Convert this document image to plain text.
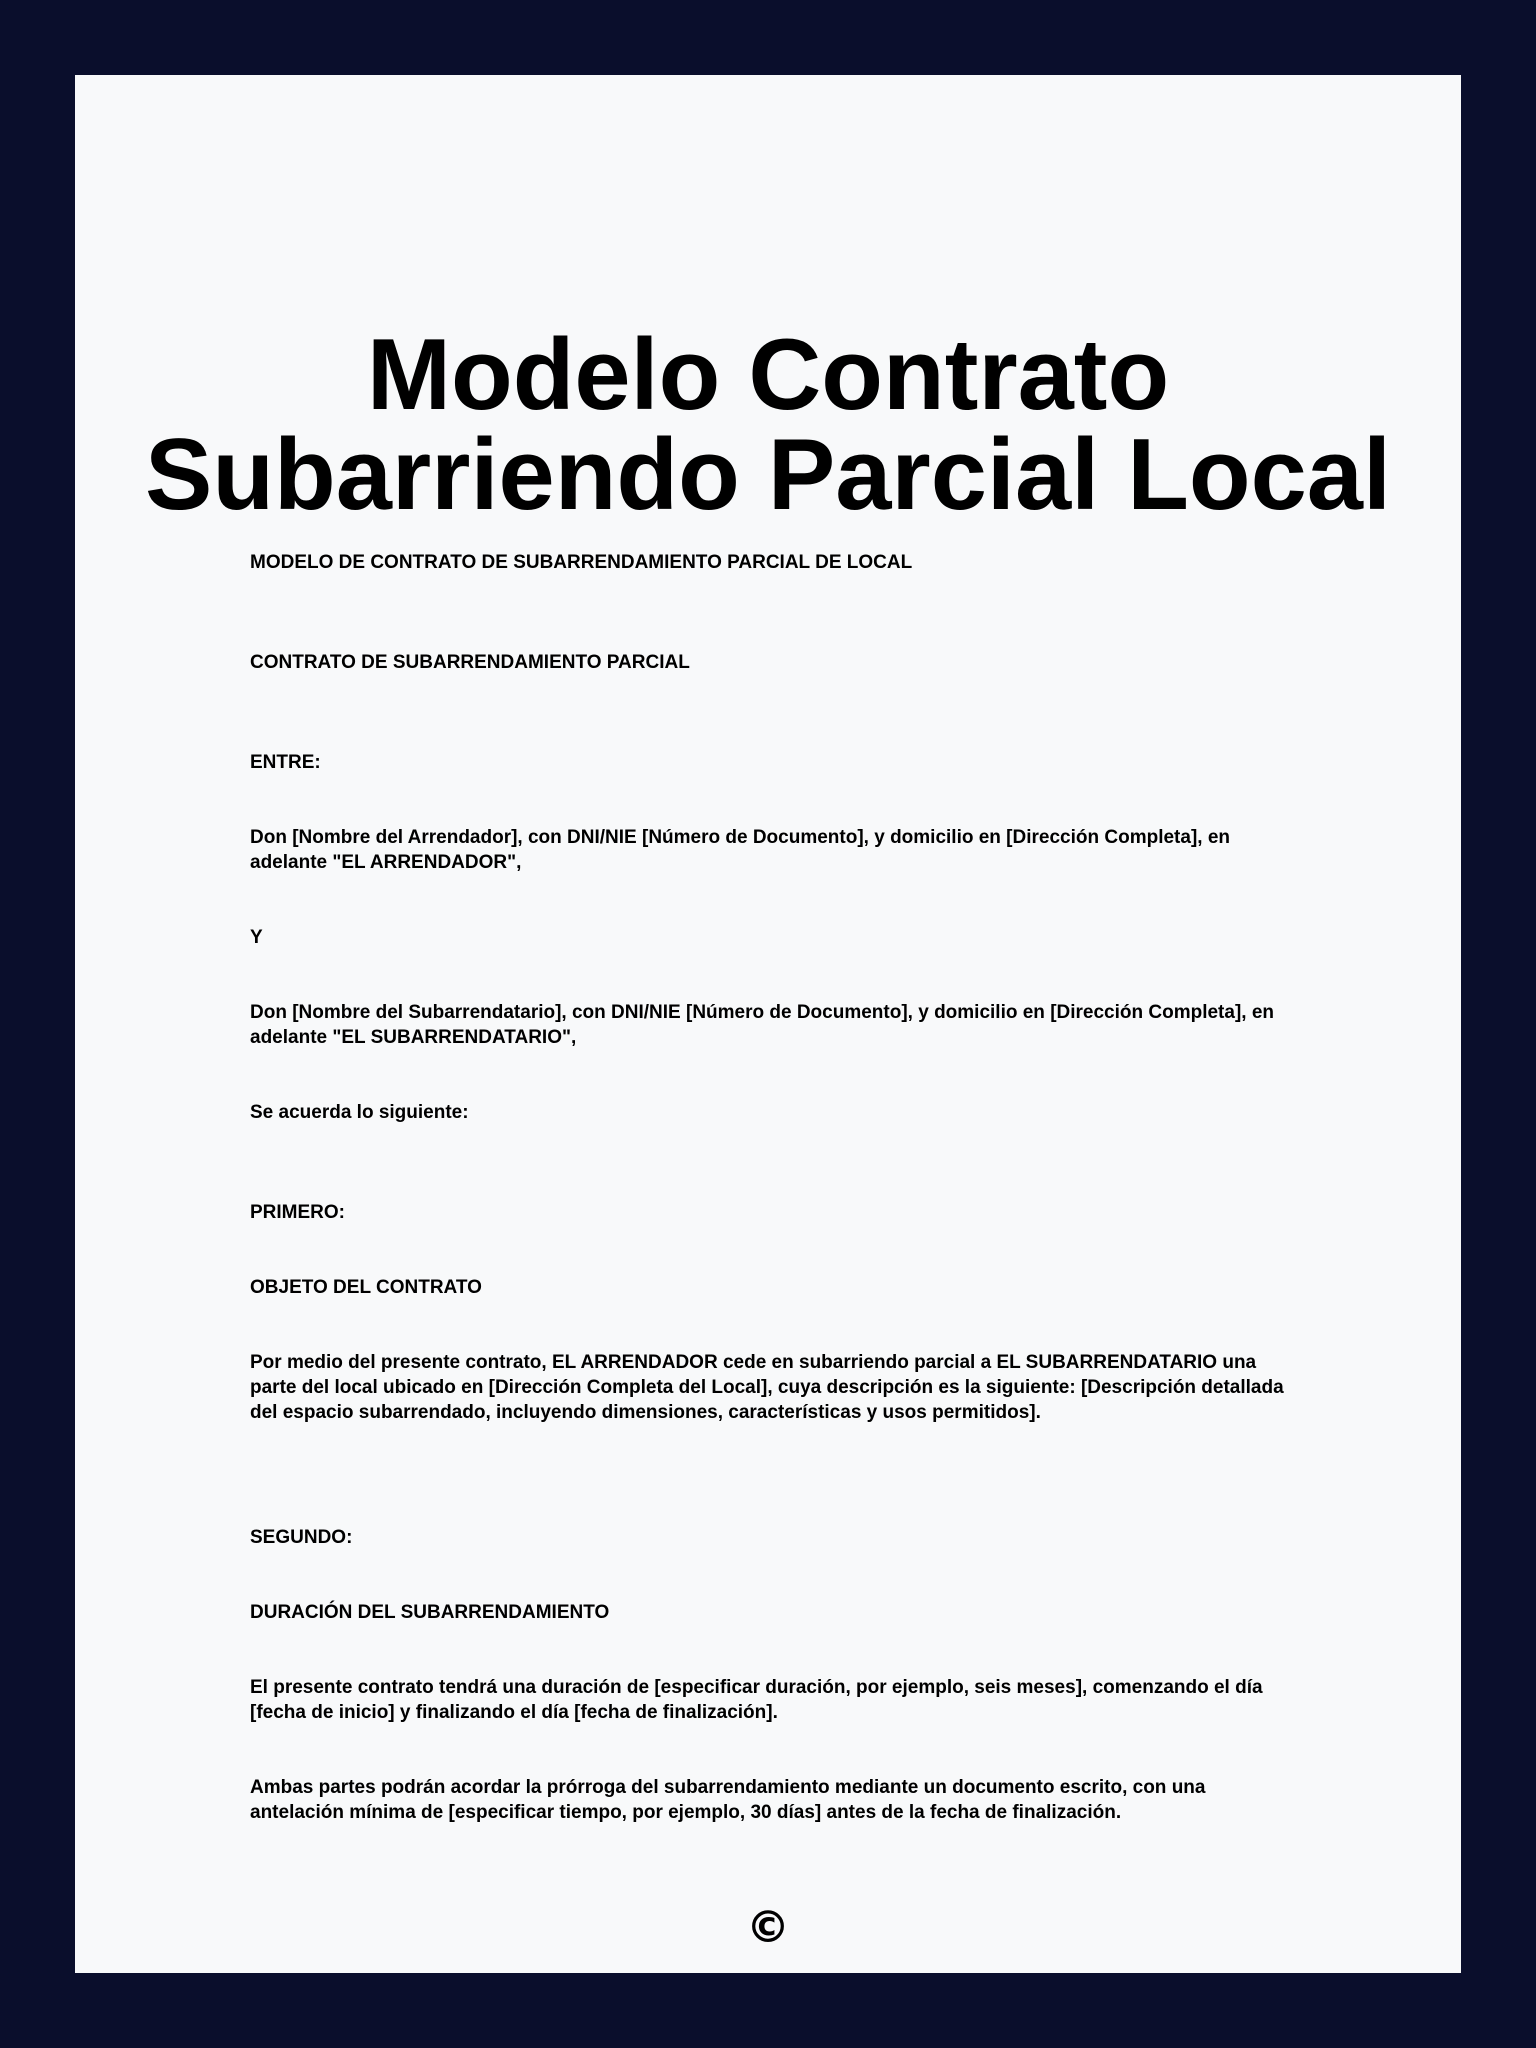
Modelo Contrato
Subarriendo Parcial Local

MODELO DE CONTRATO DE SUBARRENDAMIENTO PARCIAL DE LOCAL

CONTRATO DE SUBARRENDAMIENTO PARCIAL

ENTRE:

Don [Nombre del Arrendador], con DNI/NIE [Número de Documento], y domicilio en [Dirección Completa], en adelante "EL ARRENDADOR",

Y

Don [Nombre del Subarrendatario], con DNI/NIE [Número de Documento], y domicilio en [Dirección Completa], en adelante "EL SUBARRENDATARIO",

Se acuerda lo siguiente:

PRIMERO:

OBJETO DEL CONTRATO

Por medio del presente contrato, EL ARRENDADOR cede en subarriendo parcial a EL SUBARRENDATARIO una parte del local ubicado en [Dirección Completa del Local], cuya descripción es la siguiente: [Descripción detallada del espacio subarrendado, incluyendo dimensiones, características y usos permitidos].

SEGUNDO:

DURACIÓN DEL SUBARRENDAMIENTO

El presente contrato tendrá una duración de [especificar duración, por ejemplo, seis meses], comenzando el día [fecha de inicio] y finalizando el día [fecha de finalización].

Ambas partes podrán acordar la prórroga del subarrendamiento mediante un documento escrito, con una antelación mínima de [especificar tiempo, por ejemplo, 30 días] antes de la fecha de finalización.

©
